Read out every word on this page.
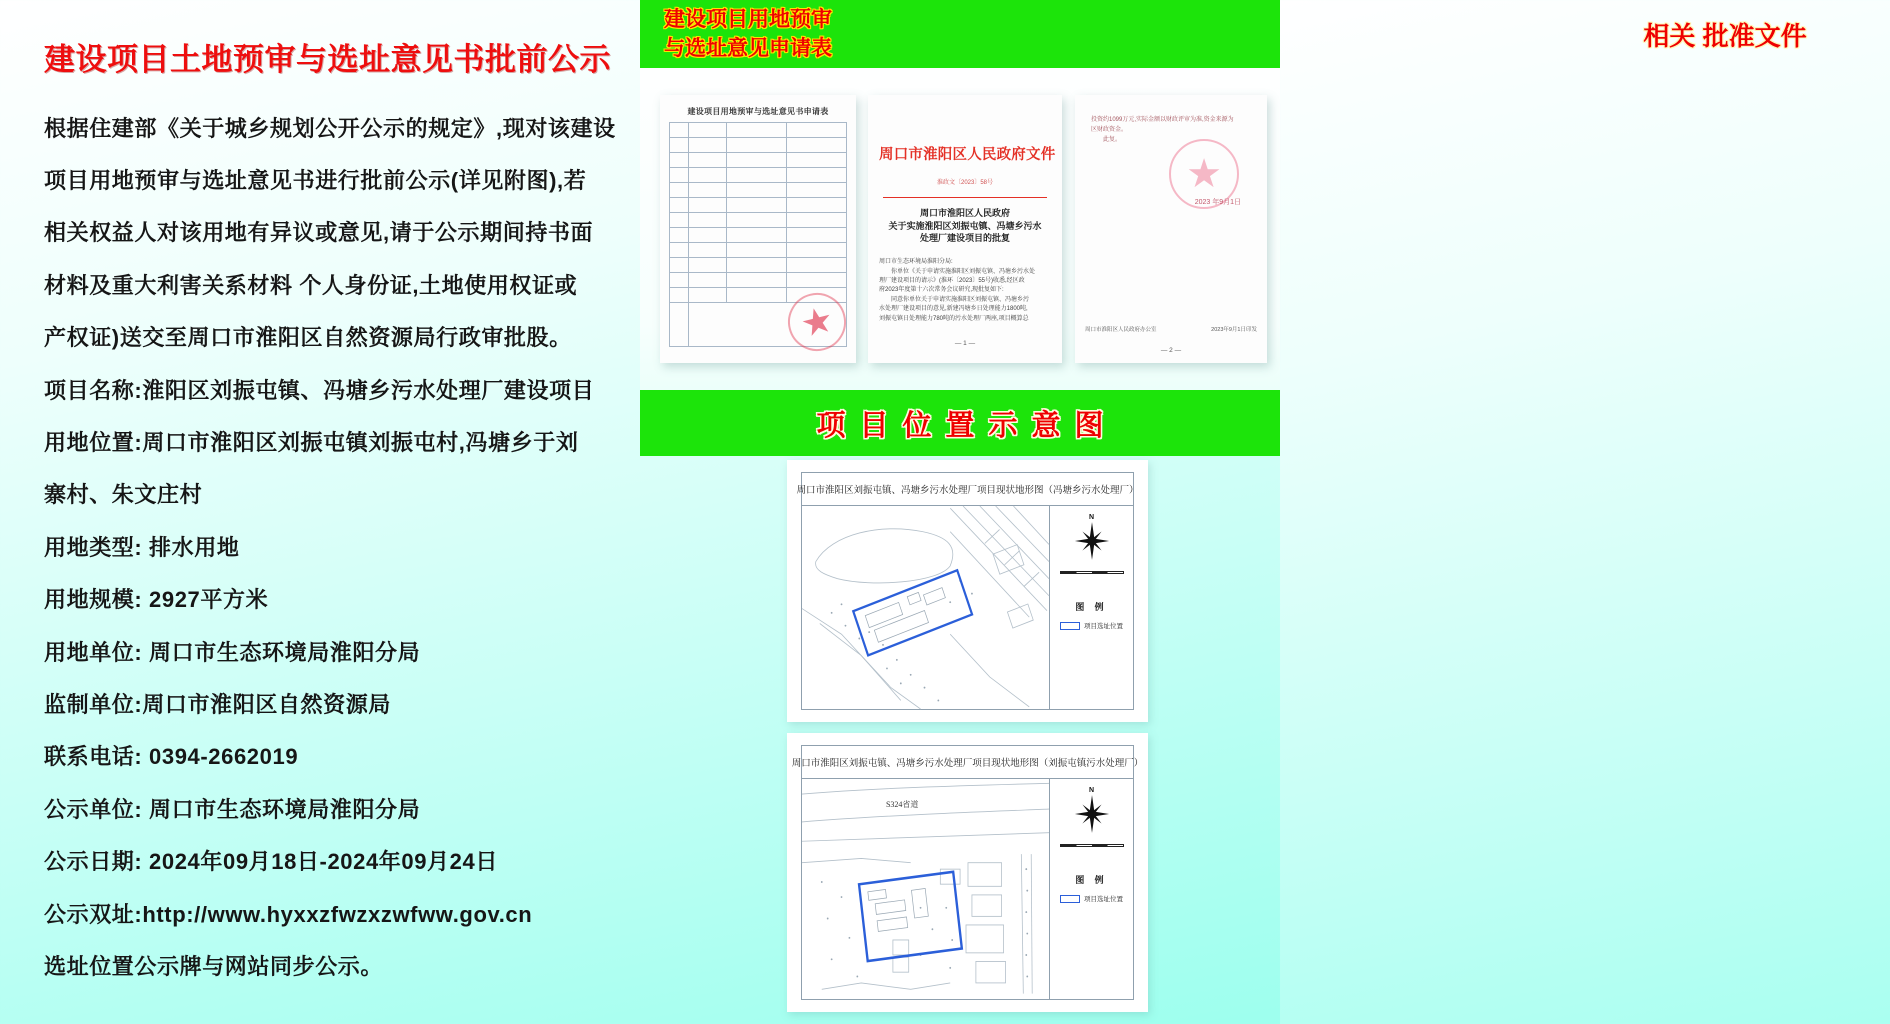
建设项目土地预审与选址意见书批前公示
根据住建部《关于城乡规划公开公示的规定》,现对该建设
项目用地预审与选址意见书进行批前公示(详见附图),若
相关权益人对该用地有异议或意见,请于公示期间持书面
材料及重大利害关系材料 个人身份证,土地使用权证或
产权证)送交至周口市淮阳区自然资源局行政审批股。
项目名称:淮阳区刘振屯镇、冯塘乡污水处理厂建设项目
用地位置:周口市淮阳区刘振屯镇刘振屯村,冯塘乡于刘
寨村、朱文庄村
用地类型: 排水用地
用地规模: 2927平方米
用地单位: 周口市生态环境局淮阳分局
监制单位:周口市淮阳区自然资源局
联系电话: 0394-2662019
公示单位: 周口市生态环境局淮阳分局
公示日期: 2024年09月18日-2024年09月24日
公示双址:http://www.hyxxzfwzxzwfww.gov.cn
选址位置公示牌与网站同步公示。
建设项目用地预审
与选址意见申请表	相关 批准文件
建设项目用地预审与选址意见书申请表

★
周口市淮阳区人民政府文件
淮政文〔2023〕58号
周口市淮阳区人民政府
关于实施淮阳区刘振屯镇、冯塘乡污水
处理厂建设项目的批复
周口市生态环境局淮阳分局:
你单位《关于申请实施淮阳区刘振屯镇、冯塘乡污水处
理厂建设项目的请示》(淮环〔2023〕55号)收悉,经区政
府2023年度第十六次常务会议研究,现批复如下:
同意你单位关于申请实施淮阳区刘振屯镇、冯塘乡污
水处理厂建设项目的意见,新建冯塘乡日处理能力1800吨,
刘振屯镇日处理能力780吨的污水处理厂两座,项目概算总
— 1 —
投资约1099万元,实际金额以财政评审为准,资金来源为
区财政资金。
此复。
★
2023 年9月1日
周口市淮阳区人民政府办公室	2023年9月1日印发
— 2 —
项目位置示意图
周口市淮阳区刘振屯镇、冯塘乡污水处理厂项目现状地形图（冯塘乡污水处理厂）
N
图 例
项目选址位置
周口市淮阳区刘振屯镇、冯塘乡污水处理厂项目现状地形图（刘振屯镇污水处理厂）
S324省道
N
图 例
项目选址位置
